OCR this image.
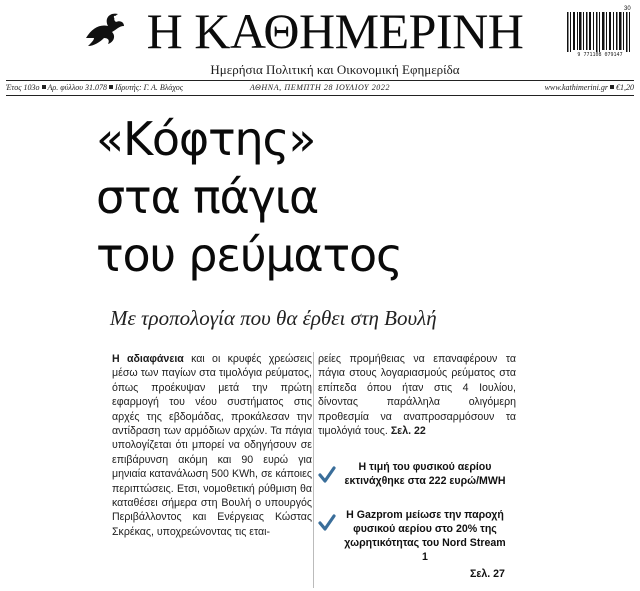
Η ΚΑΘΗΜΕΡΙΝΗ
Ημερήσια Πολιτική και Οικονομική Εφημερίδα
9 771108 079147
30
Έτος 103ο Αρ. φύλλου 31.078 Ιδρυτής: Γ. Α. Βλάχος	ΑΘΗΝΑ, ΠΕΜΠΤΗ 28 ΙΟΥΛΙΟΥ 2022	www.kathimerini.gr €1,20
«Κόφτης»
στα πάγια
του ρεύματος
Με τροπολογία που θα έρθει στη Βουλή
Η αδιαφάνεια και οι κρυφές χρεώσεις μέσω των παγίων στα τιμολόγια ρεύματος, όπως προέκυψαν μετά την πρώτη εφαρμογή του νέου συστήματος στις αρχές της εβδομάδας, προκάλεσαν την αντίδραση των αρμόδιων αρχών. Τα πάγια υπολογίζεται ότι μπορεί να οδηγήσουν σε επιβάρυνση ακόμη και 90 ευρώ για μηνιαία κατανάλωση 500 KWh, σε κάποιες περιπτώσεις. Ετσι, νομοθετική ρύθμιση θα καταθέσει σήμερα στη Βουλή ο υπουργός Περιβάλλοντος και Ενέργειας Κώστας Σκρέκας, υποχρεώνοντας τις εται-
ρείες προμήθειας να επαναφέρουν τα πάγια στους λογαριασμούς ρεύματος στα επίπεδα όπου ήταν στις 4 Ιουλίου, δίνοντας παράλληλα ολιγόμερη προθεσμία να αναπροσαρμόσουν τα τιμολόγιά τους. Σελ. 22
Η τιμή του φυσικού αερίου εκτινάχθηκε στα 222 ευρώ/MWH
Η Gazprom μείωσε την παροχή φυσικού αερίου στο 20% της χωρητικότητας του Nord Stream 1
Σελ. 27
